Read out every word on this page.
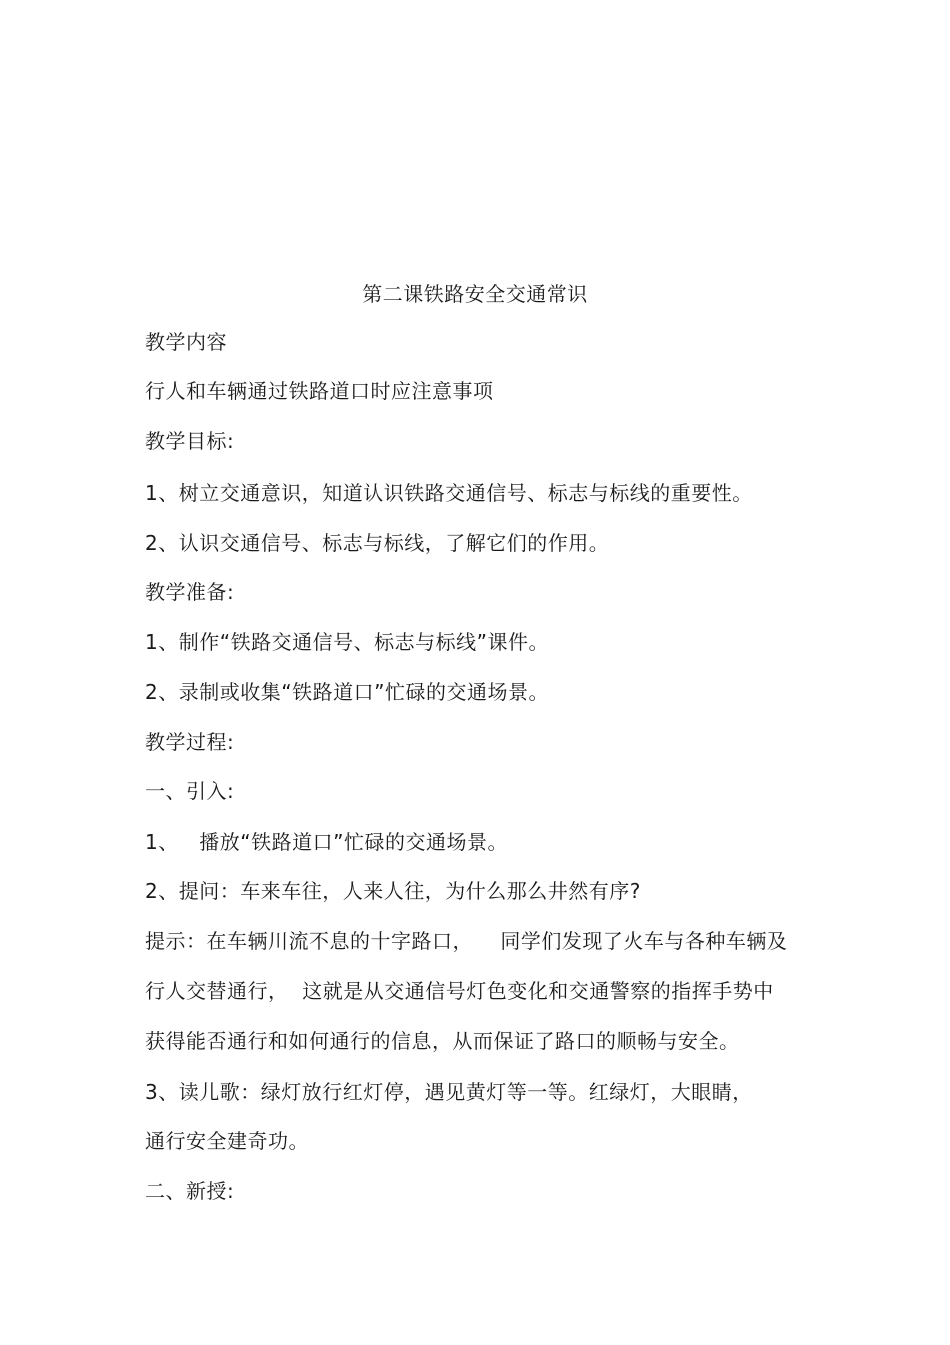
第二课铁路安全交通常识
教学内容
行人和车辆通过铁路道口时应注意事项
教学目标:
1、树立交通意识，知道认识铁路交通信号、标志与标线的重要性。
2、认识交通信号、标志与标线，了解它们的作用。
教学准备:
1、制作“铁路交通信号、标志与标线”课件。
2、录制或收集“铁路道口”忙碌的交通场景。
教学过程:
一、引入:
1、   播放“铁路道口”忙碌的交通场景。
2、提问：车来车往，人来人往，为什么那么井然有序?
提示：在车辆川流不息的十字路口，    同学们发现了火车与各种车辆及
行人交替通行，  这就是从交通信号灯色变化和交通警察的指挥手势中
获得能否通行和如何通行的信息，从而保证了路口的顺畅与安全。
3、读儿歌：绿灯放行红灯停，遇见黄灯等一等。红绿灯，大眼睛，
通行安全建奇功。
二、新授:
